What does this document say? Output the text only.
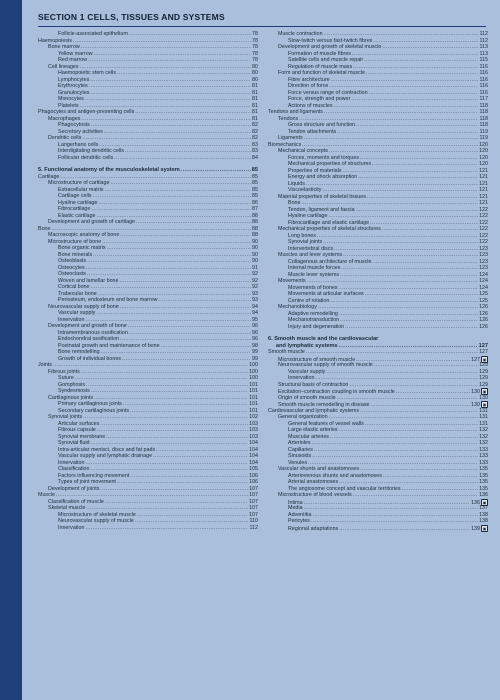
SECTION 1 CELLS, TISSUES AND SYSTEMS
Follicle-associated epithelium .....	78
Haemopoiesis .....	78
Bone marrow .....	78
Yellow marrow .....	78
Red marrow .....	78
Cell lineages .....	80
Haemopoietic stem cells .....	80
Lymphocytes .....	80
Erythrocytes .....	81
Granulocytes .....	81
Monocytes .....	81
Platelets .....	81
Phagocytes and antigen-presenting cells .....	81
Macrophages .....	81
Phagocytosis .....	82
Secretory activities .....	82
Dendritic cells .....	82
Langerhans cells .....	83
Interdigitating dendritic cells .....	83
Follicular dendritic cells .....	84
5. Functional anatomy of the musculoskeletal system .....	85
Cartilage .....	85
Microstructure of cartilage .....	85
Extracellular matrix .....	85
Cartilage cells .....	85
Hyaline cartilage .....	86
Fibrocartilage .....	87
Elastic cartilage .....	88
Development and growth of cartilage .....	88
Bone .....	88
Macroscopic anatomy of bone .....	88
Microstructure of bone .....	90
Bone organic matrix .....	90
Bone minerals .....	90
Osteoblasts .....	90
Osteocytes .....	91
Osteoclasts .....	92
Woven and lamellar bone .....	92
Cortical bone .....	92
Trabecular bone .....	93
Periosteum, endosteum and bone marrow .....	93
Neurovascular supply of bone .....	94
Vascular supply .....	94
Innervation .....	95
Development and growth of bone .....	96
Intramembranous ossification .....	96
Endochondral ossification .....	96
Postnatal growth and maintenance of bone .....	98
Bone remodelling .....	99
Growth of individual bones .....	99
Joints .....	100
Fibrous joints .....	100
Suture .....	100
Gomphosis .....	101
Syndesmosis .....	101
Cartilaginous joints .....	101
Primary cartilaginous joints .....	101
Secondary cartilaginous joints .....	101
Synovial joints .....	102
Articular surfaces .....	103
Fibrous capsule .....	103
Synovial membrane .....	103
Synovial fluid .....	104
Intra-articular menisci, discs and fat pads .....	104
Vascular supply and lymphatic drainage .....	104
Innervation .....	104
Classification .....	105
Factors influencing movement .....	106
Types of joint movement .....	106
Development of joints .....	107
Muscle .....	107
Classification of muscle .....	107
Skeletal muscle .....	107
Microstructure of skeletal muscle .....	107
Neurovascular supply of muscle .....	110
Innervation .....	112
Muscle contraction .....	112
Slow-twitch versus fast-twitch fibres .....	112
Development and growth of skeletal muscle .....	113
Formation of muscle fibres .....	113
Satellite cells and muscle repair .....	115
Regulation of muscle mass .....	116
Form and function of skeletal muscle .....	116
Fibre architecture .....	116
Direction of force .....	116
Force versus range of contraction .....	116
Force, strength and power .....	117
Actions of muscles .....	118
Tendons and ligaments .....	118
Tendons .....	118
Gross structure and function .....	118
Tendon attachments .....	119
Ligaments .....	119
Biomechanics .....	120
Mechanical concepts .....	120
Forces, moments and torques .....	120
Mechanical properties of structures .....	120
Properties of materials .....	121
Energy and shock absorption .....	121
Liquids .....	121
Viscoelasticity .....	121
Material properties of skeletal tissues .....	121
Bone .....	121
Tendon, ligament and fascia .....	122
Hyaline cartilage .....	122
Fibrocartilage and elastic cartilage .....	122
Mechanical properties of skeletal structures .....	122
Long bones .....	122
Synovial joints .....	122
Intervertebral discs .....	123
Muscles and lever systems .....	123
Collagenous architecture of muscle .....	123
Internal muscle forces .....	123
Muscle lever systems .....	124
Movements .....	124
Movements of bones .....	124
Movements at articular surfaces .....	125
Centre of rotation .....	125
Mechanobiology .....	126
Adaptive remodelling .....	126
Mechanotransduction .....	126
Injury and degeneration .....	126
6. Smooth muscle and the cardiovascular
and lymphatic systems .....	127
Smooth muscle .....	127
Microstructure of smooth muscle .....	127 ▣
Neurovascular supply of smooth muscle .....	129
Vascular supply .....	129
Innervation .....	129
Structural basis of contraction .....	129
Excitation–contraction coupling in smooth muscle .....	130 ▣
Origin of smooth muscle .....	130
Smooth muscle remodelling in disease .....	130 ▣
Cardiovascular and lymphatic systems .....	131
General organization .....	131
General features of vessel walls .....	131
Large elastic arteries .....	132
Muscular arteries .....	132
Arterioles .....	132
Capillaries .....	133
Sinusoids .....	133
Venules .....	133
Vascular shunts and anastomoses .....	135
Arteriovenous shunts and anastomoses .....	135
Arterial anastomoses .....	135
The angiosome concept and vascular territories .....	135
Microstructure of blood vessels .....	136
Intima .....	136 ▣
Media .....	137
Adventitia .....	138
Pericytes .....	138
Regional adaptations .....	139 ▣
